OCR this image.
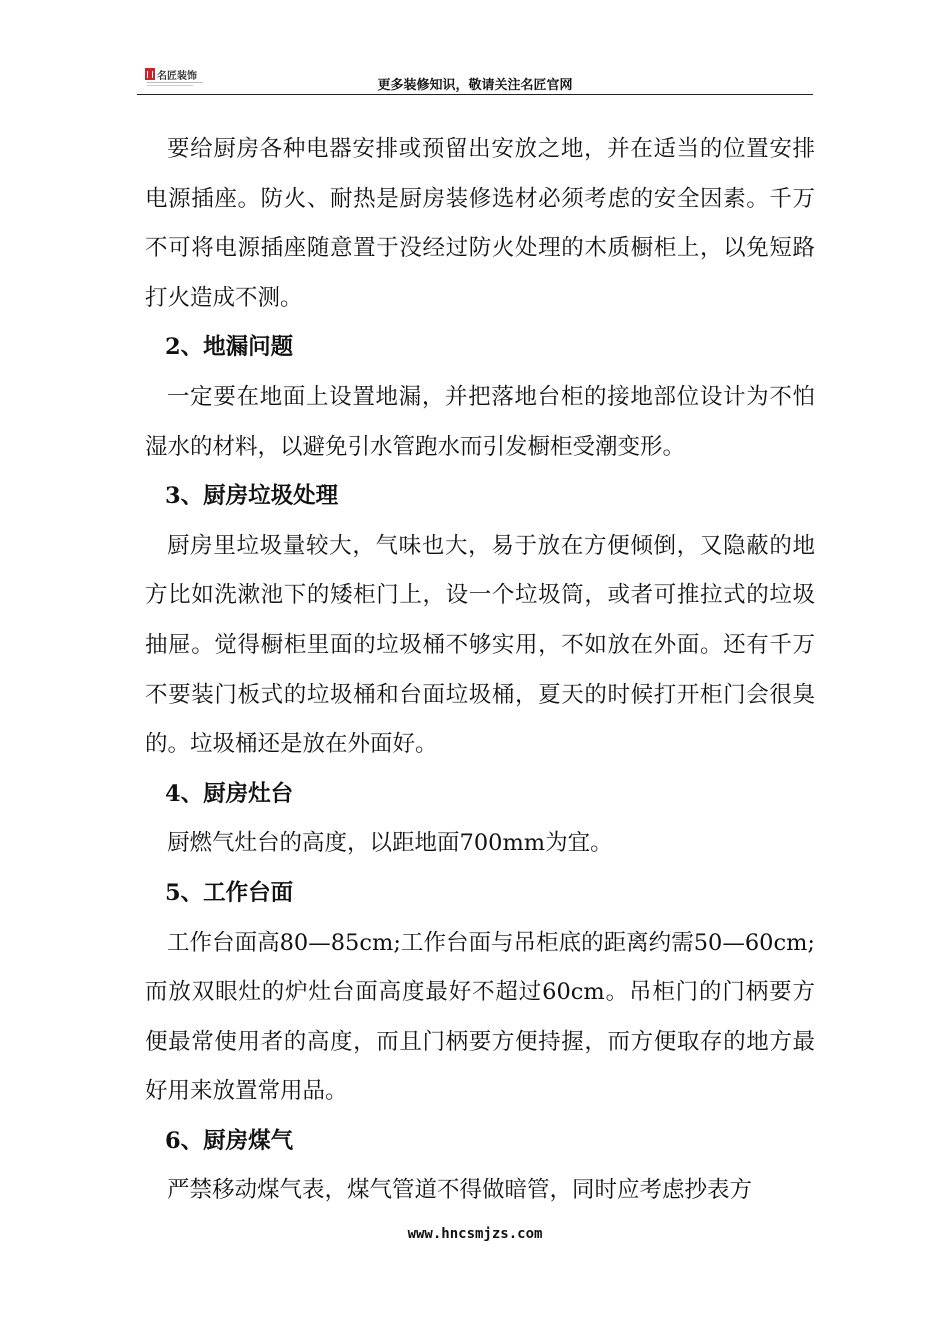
名匠装饰
更多装修知识，敬请关注名匠官网

要给厨房各种电器安排或预留出安放之地，并在适当的位置安排电源插座。防火、耐热是厨房装修选材必须考虑的安全因素。千万不可将电源插座随意置于没经过防火处理的木质橱柜上，以免短路打火造成不测。

2、地漏问题

一定要在地面上设置地漏，并把落地台柜的接地部位设计为不怕湿水的材料，以避免引水管跑水而引发橱柜受潮变形。

3、厨房垃圾处理

厨房里垃圾量较大，气味也大，易于放在方便倾倒，又隐蔽的地方比如洗漱池下的矮柜门上，设一个垃圾筒，或者可推拉式的垃圾抽屉。觉得橱柜里面的垃圾桶不够实用，不如放在外面。还有千万不要装门板式的垃圾桶和台面垃圾桶，夏天的时候打开柜门会很臭的。垃圾桶还是放在外面好。

4、厨房灶台

厨燃气灶台的高度，以距地面700mm为宜。

5、工作台面

工作台面高80—85cm;工作台面与吊柜底的距离约需50—60cm;而放双眼灶的炉灶台面高度最好不超过60cm。吊柜门的门柄要方便最常使用者的高度，而且门柄要方便持握，而方便取存的地方最好用来放置常用品。

6、厨房煤气

严禁移动煤气表，煤气管道不得做暗管，同时应考虑抄表方

www.hncsmjzs.com
